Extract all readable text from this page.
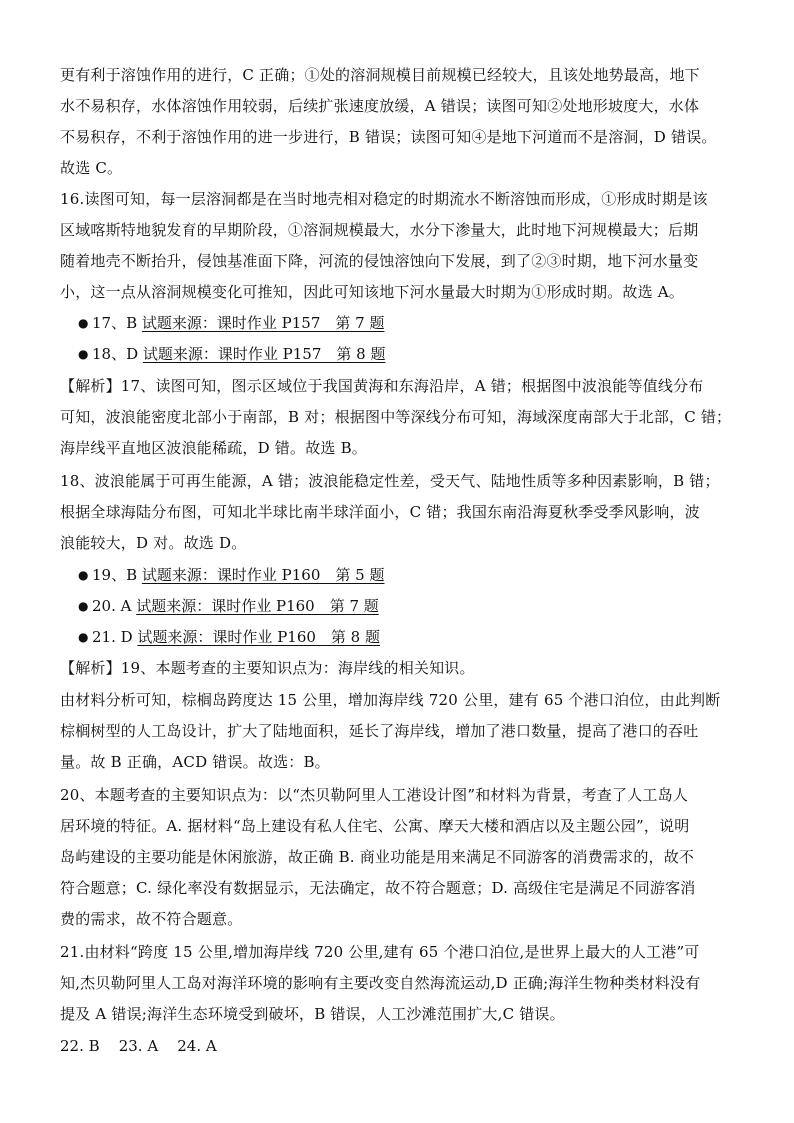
更有利于溶蚀作用的进行，C 正确；①处的溶洞规模目前规模已经较大，且该处地势最高，地下
水不易积存，水体溶蚀作用较弱，后续扩张速度放缓，A 错误；读图可知②处地形坡度大，水体
不易积存，不利于溶蚀作用的进一步进行，B 错误；读图可知④是地下河道而不是溶洞，D 错误。
故选 C。
16.读图可知，每一层溶洞都是在当时地壳相对稳定的时期流水不断溶蚀而形成，①形成时期是该
区域喀斯特地貌发育的早期阶段，①溶洞规模最大，水分下渗量大，此时地下河规模最大；后期
随着地壳不断抬升，侵蚀基准面下降，河流的侵蚀溶蚀向下发展，到了②③时期，地下河水量变
小，这一点从溶洞规模变化可推知，因此可知该地下河水量最大时期为①形成时期。故选 A。
● 17、B 试题来源：课时作业 P157　第 7 题
● 18、D 试题来源：课时作业 P157　第 8 题
【解析】17、读图可知，图示区域位于我国黄海和东海沿岸，A 错；根据图中波浪能等值线分布
可知，波浪能密度北部小于南部，B 对；根据图中等深线分布可知，海域深度南部大于北部，C 错；
海岸线平直地区波浪能稀疏，D 错。故选 B。
18、波浪能属于可再生能源，A 错；波浪能稳定性差，受天气、陆地性质等多种因素影响，B 错；
根据全球海陆分布图，可知北半球比南半球洋面小，C 错；我国东南沿海夏秋季受季风影响，波
浪能较大，D 对。故选 D。
● 19、B 试题来源：课时作业 P160　第 5 题
● 20. A 试题来源：课时作业 P160　第 7 题
● 21. D 试题来源：课时作业 P160　第 8 题
【解析】19、本题考查的主要知识点为：海岸线的相关知识。
由材料分析可知，棕榈岛跨度达 15 公里，增加海岸线 720 公里，建有 65 个港口泊位，由此判断
棕榈树型的人工岛设计，扩大了陆地面积，延长了海岸线，增加了港口数量，提高了港口的吞吐
量。故 B 正确，ACD 错误。故选：B。
20、本题考查的主要知识点为：以“杰贝勒阿里人工港设计图”和材料为背景，考查了人工岛人
居环境的特征。A. 据材料“岛上建设有私人住宅、公寓、摩天大楼和酒店以及主题公园”，说明
岛屿建设的主要功能是休闲旅游，故正确 B. 商业功能是用来满足不同游客的消费需求的，故不
符合题意；C. 绿化率没有数据显示，无法确定，故不符合题意；D. 高级住宅是满足不同游客消
费的需求，故不符合题意。
21.由材料“跨度 15 公里,增加海岸线 720 公里,建有 65 个港口泊位,是世界上最大的人工港”可
知,杰贝勒阿里人工岛对海洋环境的影响有主要改变自然海流运动,D 正确;海洋生物种类材料没有
提及 A 错误;海洋生态环境受到破坏，B 错误，人工沙滩范围扩大,C 错误。
22. B    23. A    24. A
